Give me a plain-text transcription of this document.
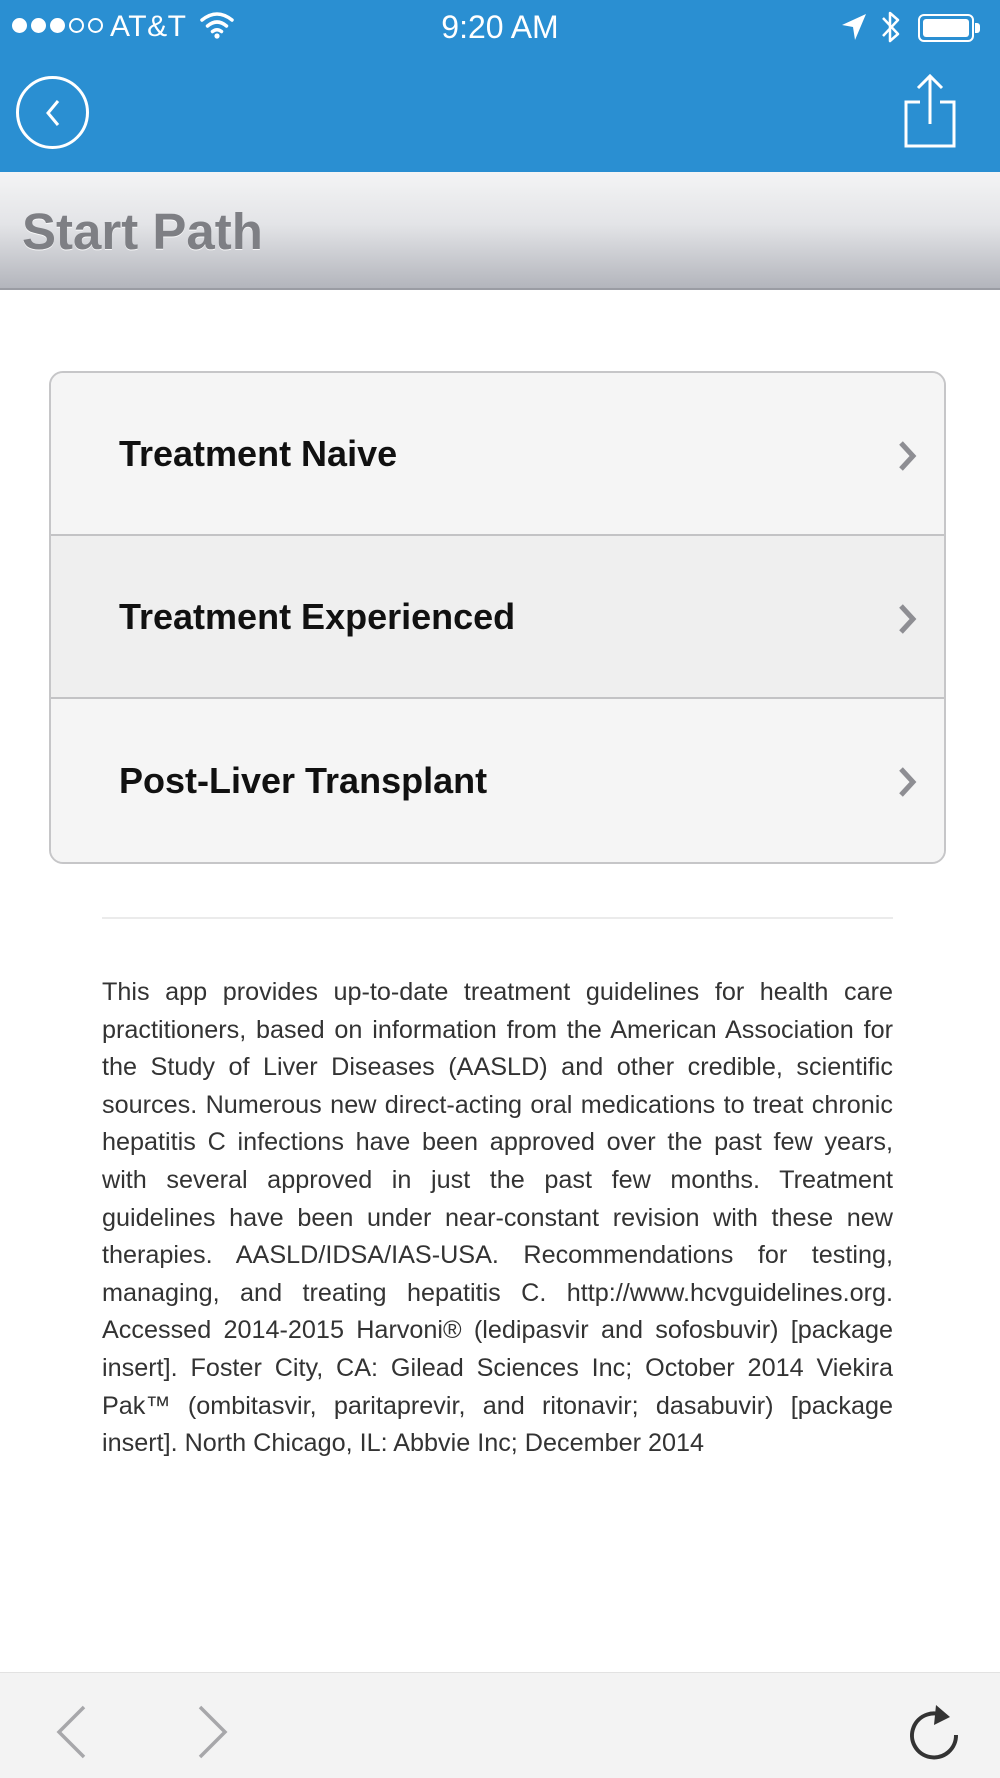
AT&T	9:20 AM
Start Path
Treatment Naive
Treatment Experienced
Post-Liver Transplant

This app provides up-to-date treatment guidelines for health care practitioners, based on information from the American Association for the Study of Liver Diseases (AASLD) and other credible, scientific sources. Numerous new direct-acting oral medications to treat chronic hepatitis C infections have been approved over the past few years, with several approved in just the past few months. Treatment guidelines have been under near-constant revision with these new therapies. AASLD/IDSA/IAS-USA. Recommendations for testing, managing, and treating hepatitis C. http://www.hcvguidelines.org. Accessed 2014-2015 Harvoni® (ledipasvir and sofosbuvir) [package insert]. Foster City, CA: Gilead Sciences Inc; October 2014 Viekira Pak™ (ombitasvir, paritaprevir, and ritonavir; dasabuvir) [package insert]. North Chicago, IL: Abbvie Inc; December 2014
